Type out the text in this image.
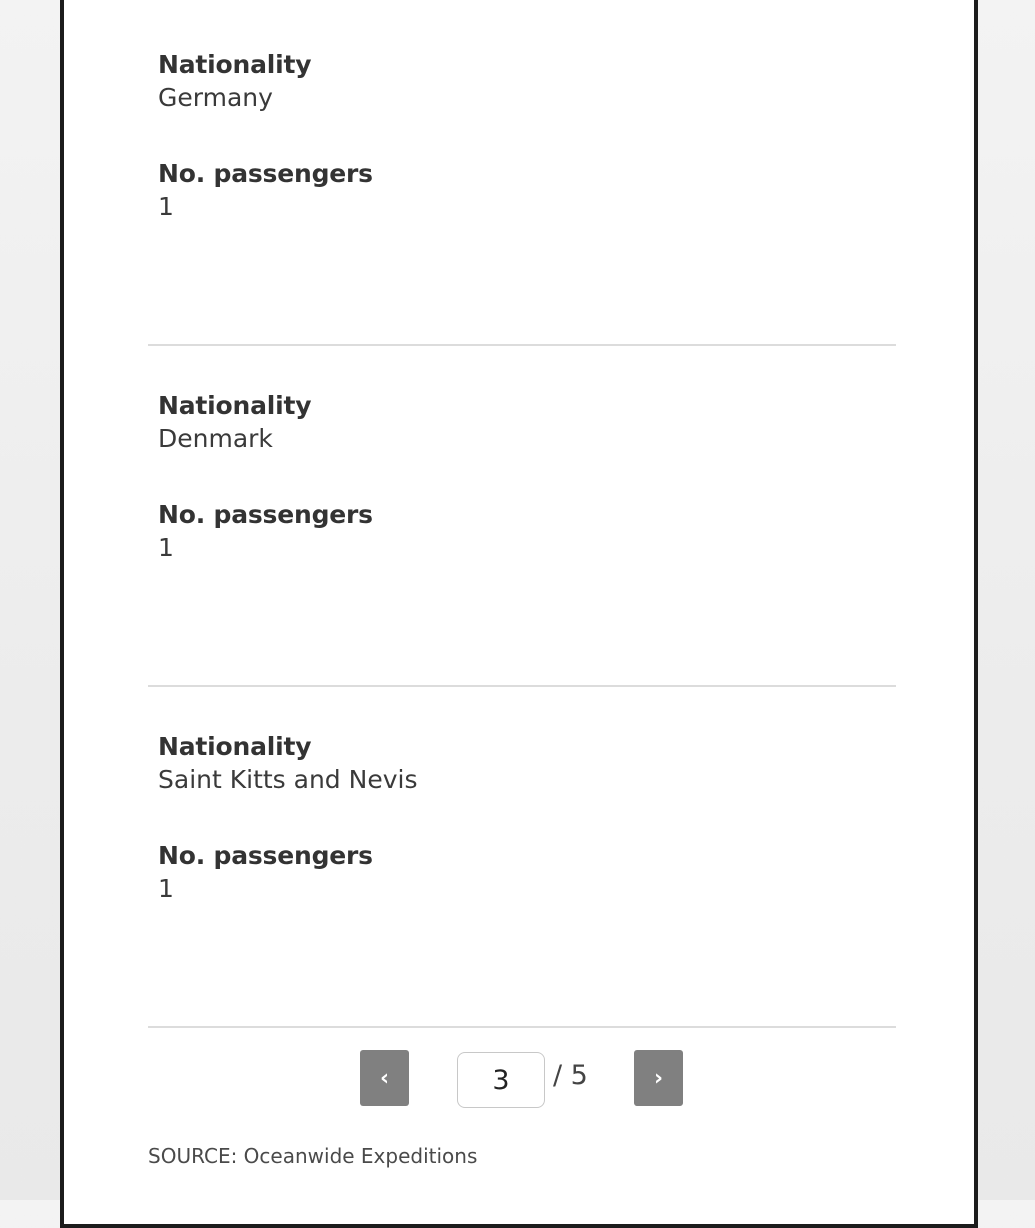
Nationality
Germany
No. passengers
1
Nationality
Denmark
No. passengers
1
Nationality
Saint Kitts and Nevis
No. passengers
1
‹
3	/ 5	›
SOURCE: Oceanwide Expeditions
